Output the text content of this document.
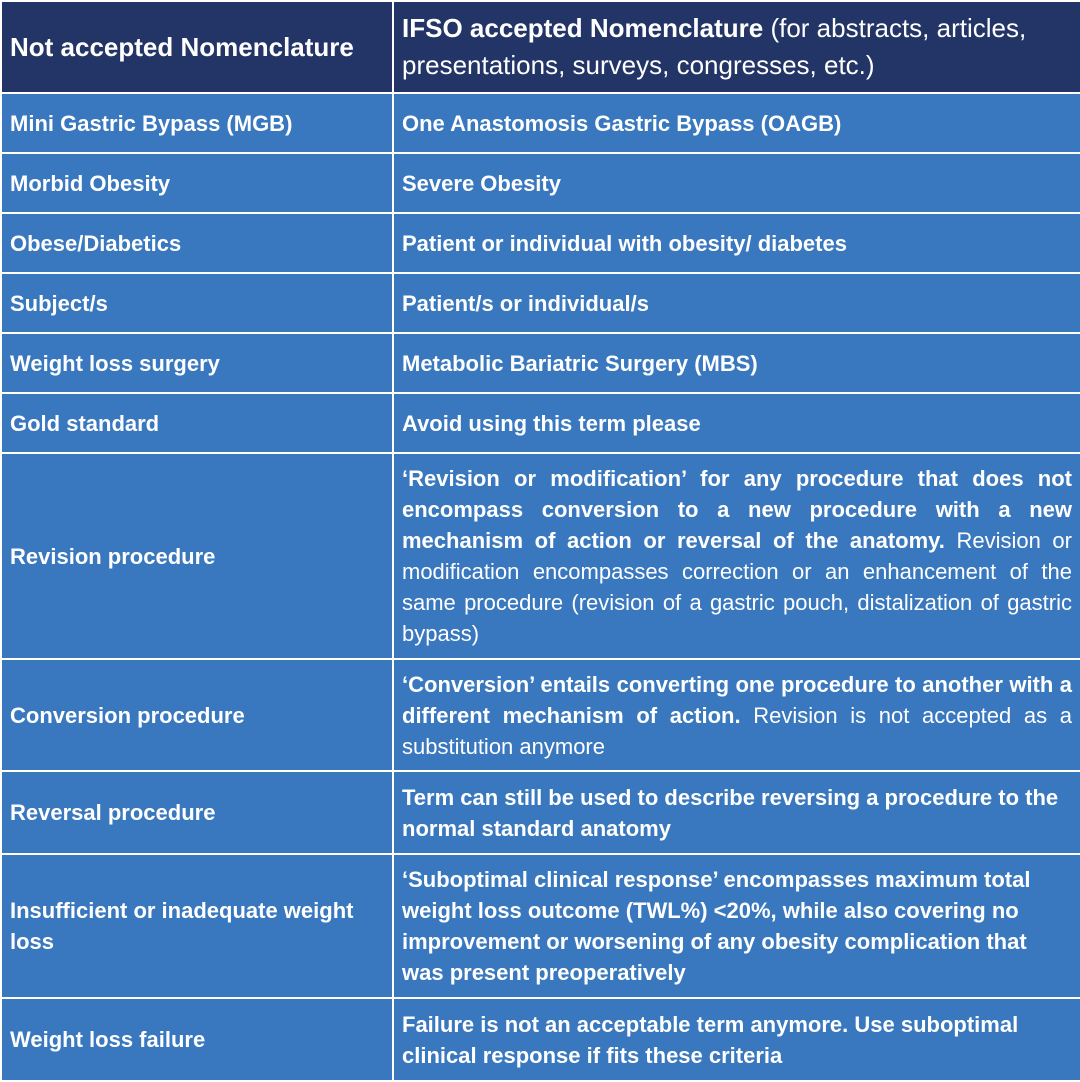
Not accepted Nomenclature	IFSO accepted Nomenclature (for abstracts, articles, presentations, surveys, congresses, etc.)
Mini Gastric Bypass (MGB)	One Anastomosis Gastric Bypass (OAGB)
Morbid Obesity	Severe Obesity
Obese/Diabetics	Patient or individual with obesity/ diabetes
Subject/s	Patient/s or individual/s
Weight loss surgery	Metabolic Bariatric Surgery (MBS)
Gold standard	Avoid using this term please
Revision procedure	‘Revision or modification’ for any procedure that does not encompass conversion to a new procedure with a new mechanism of action or reversal of the anatomy. Revision or modification encompasses correction or an enhancement of the same procedure (revision of a gastric pouch, distalization of gastric bypass)
Conversion procedure	‘Conversion’ entails converting one procedure to another with a different mechanism of action. Revision is not accepted as a substitution anymore
Reversal procedure	Term can still be used to describe reversing a procedure to the normal standard anatomy
Insufficient or inadequate weight loss	‘Suboptimal clinical response’ encompasses maximum total weight loss outcome (TWL%) <20%, while also covering no improvement or worsening of any obesity complication that was present preoperatively
Weight loss failure	Failure is not an acceptable term anymore. Use suboptimal clinical response if fits these criteria
